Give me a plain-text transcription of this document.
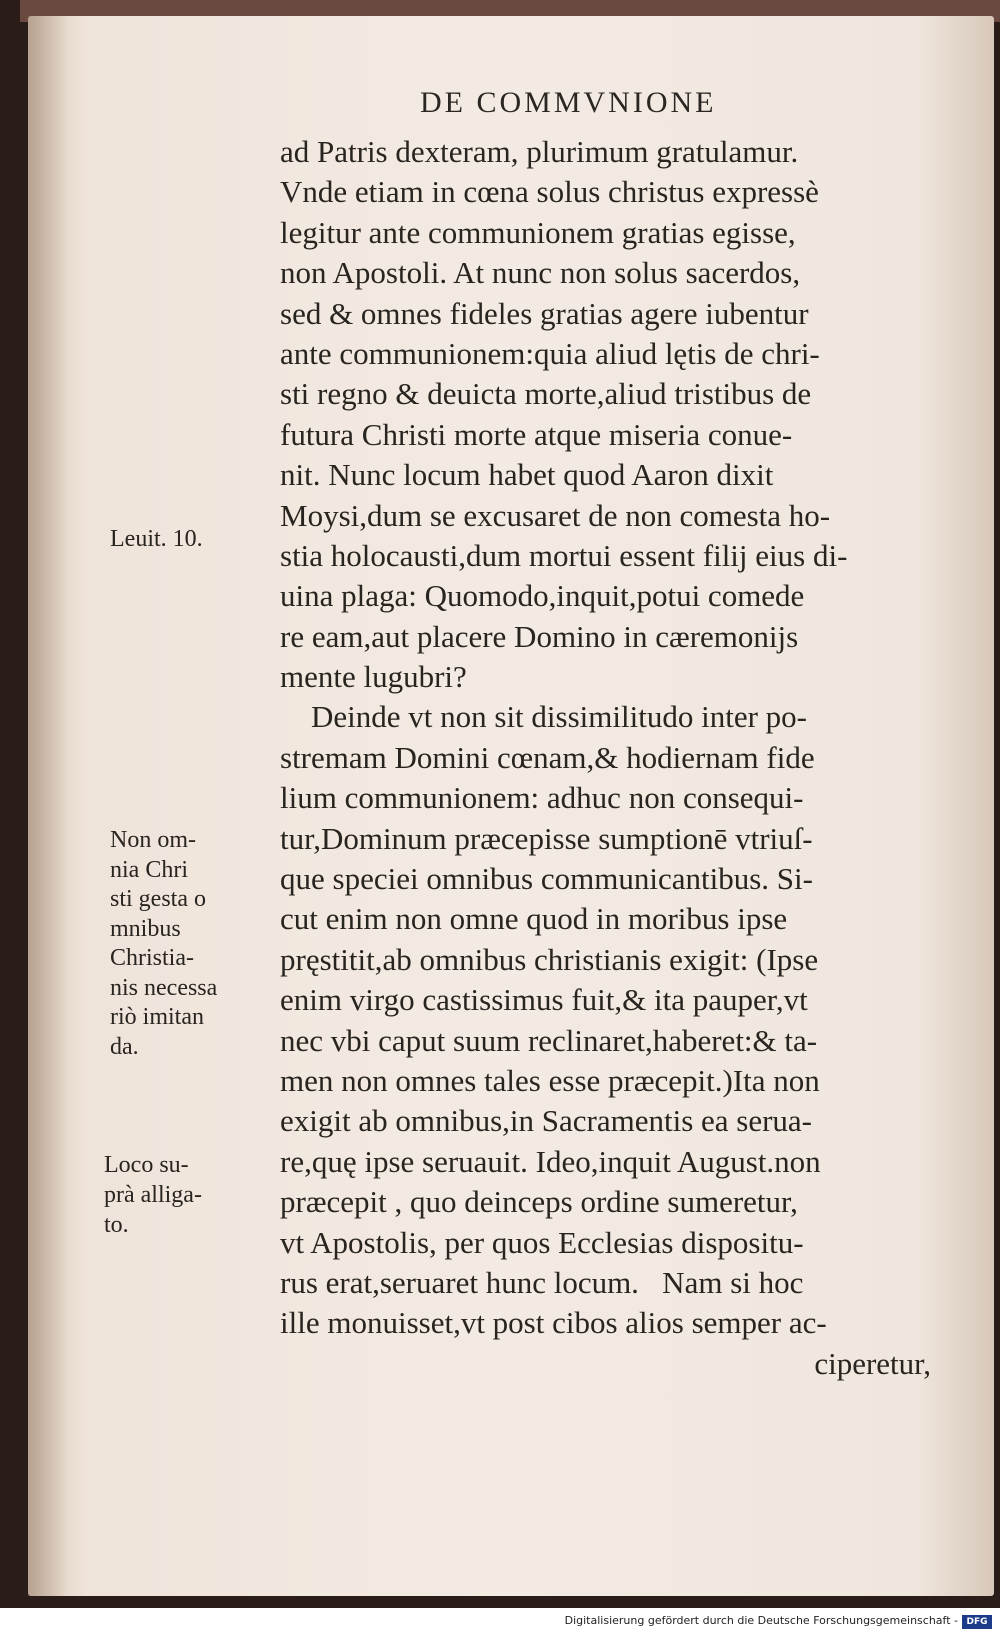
DE COMMVNIONE
ad Patris dexteram, plurimum gratulamur.
Vnde etiam in cœna solus christus expressè
legitur ante communionem gratias egisse,
non Apostoli. At nunc non solus sacerdos,
sed & omnes fideles gratias agere iubentur
ante communionem:quia aliud lętis de chri-
sti regno & deuicta morte,aliud tristibus de
futura Christi morte atque miseria conue-
nit. Nunc locum habet quod Aaron dixit
Moysi,dum se excusaret de non comesta ho-
stia holocausti,dum mortui essent filij eius di-
uina plaga: Quomodo,inquit,potui comede
re eam,aut placere Domino in cæremonijs
mente lugubri?
Deinde vt non sit dissimilitudo inter po-
stremam Domini cœnam,& hodiernam fide
lium communionem: adhuc non consequi-
tur,Dominum præcepisse sumptionē vtriuſ-
que speciei omnibus communicantibus. Si-
cut enim non omne quod in moribus ipse
pręstitit,ab omnibus christianis exigit: (Ipse
enim virgo castissimus fuit,& ita pauper,vt
nec vbi caput suum reclinaret,haberet:& ta-
men non omnes tales esse præcepit.)Ita non
exigit ab omnibus,in Sacramentis ea serua-
re,quę ipse seruauit. Ideo,inquit August.non
præcepit , quo deinceps ordine sumeretur,
vt Apostolis, per quos Ecclesias dispositu-
rus erat,seruaret hunc locum.   Nam si hoc
ille monuisset,vt post cibos alios semper ac-
ciperetur,
Leuit. 10.
Non om-
nia Chri
sti gesta o
mnibus
Christia-
nis necessa
riò imitan
da.
Loco su-
prà alliga-
to.
Digitalisierung gefördert durch die Deutsche Forschungsgemeinschaft - DFG
